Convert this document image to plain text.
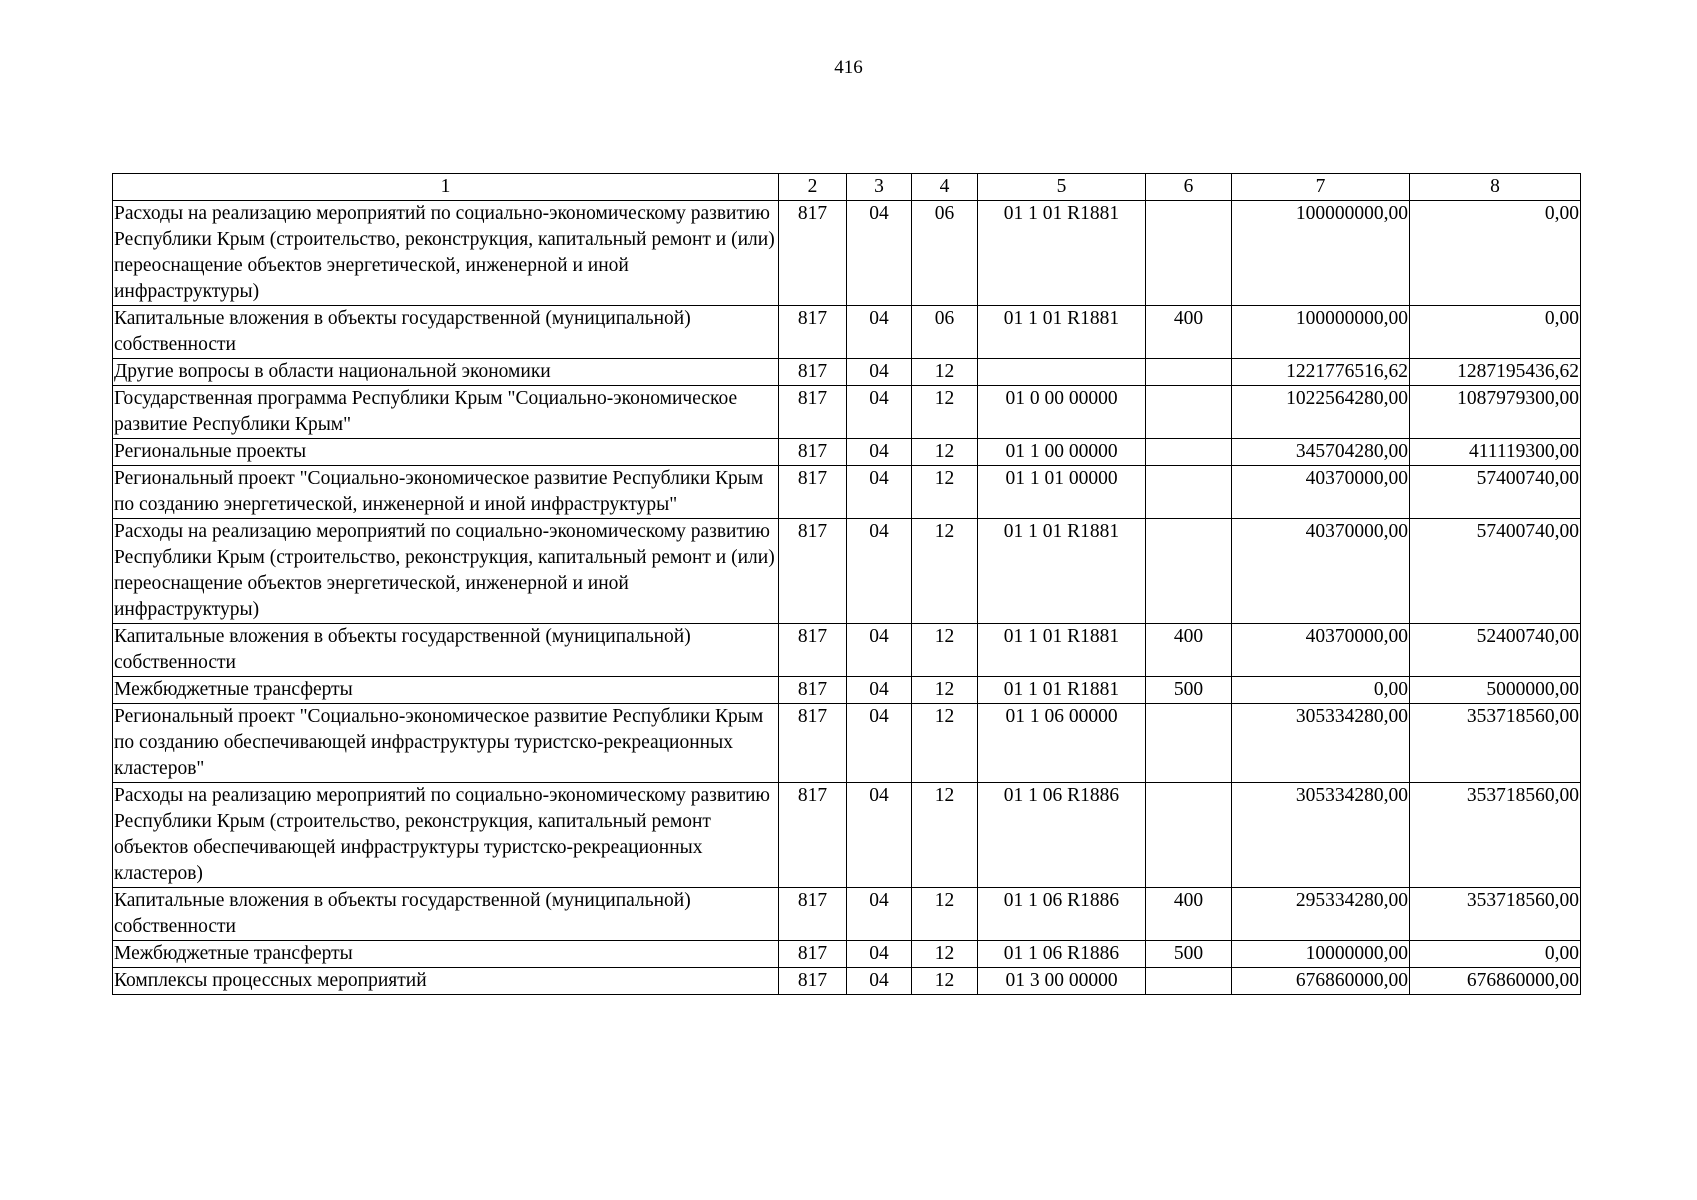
416
1	2	3	4	5	6	7	8
Расходы на реализацию мероприятий по социально-экономическому развитию Республики Крым (строительство, реконструкция, капитальный ремонт и (или) переоснащение объектов энергетической, инженерной и иной инфраструктуры)	817	04	06	01 1 01 R1881		100000000,00	0,00
Капитальные вложения в объекты государственной (муниципальной) собственности	817	04	06	01 1 01 R1881	400	100000000,00	0,00
Другие вопросы в области национальной экономики	817	04	12			1221776516,62	1287195436,62
Государственная программа Республики Крым "Социально-экономическое развитие Республики Крым"	817	04	12	01 0 00 00000		1022564280,00	1087979300,00
Региональные проекты	817	04	12	01 1 00 00000		345704280,00	411119300,00
Региональный проект "Социально-экономическое развитие Республики Крым по созданию энергетической, инженерной и иной инфраструктуры"	817	04	12	01 1 01 00000		40370000,00	57400740,00
Расходы на реализацию мероприятий по социально-экономическому развитию Республики Крым (строительство, реконструкция, капитальный ремонт и (или) переоснащение объектов энергетической, инженерной и иной инфраструктуры)	817	04	12	01 1 01 R1881		40370000,00	57400740,00
Капитальные вложения в объекты государственной (муниципальной) собственности	817	04	12	01 1 01 R1881	400	40370000,00	52400740,00
Межбюджетные трансферты	817	04	12	01 1 01 R1881	500	0,00	5000000,00
Региональный проект "Социально-экономическое развитие Республики Крым по созданию обеспечивающей инфраструктуры туристско-рекреационных кластеров"	817	04	12	01 1 06 00000		305334280,00	353718560,00
Расходы на реализацию мероприятий по социально-экономическому развитию Республики Крым (строительство, реконструкция, капитальный ремонт объектов обеспечивающей инфраструктуры туристско-рекреационных кластеров)	817	04	12	01 1 06 R1886		305334280,00	353718560,00
Капитальные вложения в объекты государственной (муниципальной) собственности	817	04	12	01 1 06 R1886	400	295334280,00	353718560,00
Межбюджетные трансферты	817	04	12	01 1 06 R1886	500	10000000,00	0,00
Комплексы процессных мероприятий	817	04	12	01 3 00 00000		676860000,00	676860000,00
